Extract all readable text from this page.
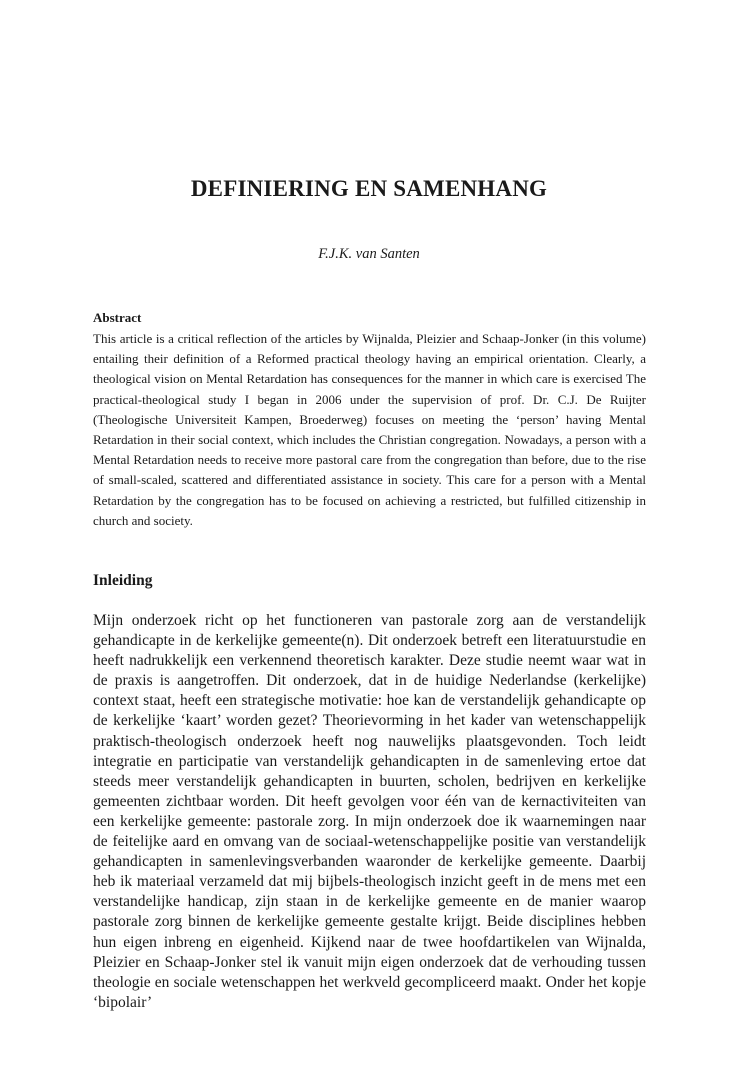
DEFINIERING EN SAMENHANG
F.J.K. van Santen
Abstract

This article is a critical reflection of the articles by Wijnalda, Pleizier and Schaap-Jonker (in this volume) entailing their definition of a Reformed practical theology having an empirical orientation. Clearly, a theological vision on Mental Retardation has consequences for the manner in which care is exercised The practical-theological study I began in 2006 under the supervision of prof. Dr. C.J. De Ruijter (Theologische Universiteit Kampen, Broederweg) focuses on meeting the ‘person’ having Mental Retardation in their social context, which includes the Christian congregation. Nowadays, a person with a Mental Retardation needs to receive more pastoral care from the congregation than before, due to the rise of small-scaled, scattered and differentiated assistance in society. This care for a person with a Mental Retardation by the congregation has to be focused on achieving a restricted, but fulfilled citizenship in church and society.

Inleiding

Mijn onderzoek richt op het functioneren van pastorale zorg aan de verstandelijk gehandicapte in de kerkelijke gemeente(n). Dit onderzoek betreft een literatuurstudie en heeft nadrukkelijk een verkennend theoretisch karakter. Deze studie neemt waar wat in de praxis is aangetroffen. Dit onderzoek, dat in de huidige Nederlandse (kerkelijke) context staat, heeft een strategische motivatie: hoe kan de verstandelijk gehandicapte op de kerkelijke ‘kaart’ worden gezet? Theorievorming in het kader van wetenschappelijk praktisch-theologisch onderzoek heeft nog nauwelijks plaatsgevonden. Toch leidt integratie en participatie van verstandelijk gehandicapten in de samenleving ertoe dat steeds meer verstandelijk gehandicapten in buurten, scholen, bedrijven en kerkelijke gemeenten zichtbaar worden. Dit heeft gevolgen voor één van de kernactiviteiten van een kerkelijke gemeente: pastorale zorg. In mijn onderzoek doe ik waarnemingen naar de feitelijke aard en omvang van de sociaal-wetenschappelijke positie van verstandelijk gehandicapten in samenlevingsverbanden waaronder de kerkelijke gemeente. Daarbij heb ik materiaal verzameld dat mij bijbels-theologisch inzicht geeft in de mens met een verstandelijke handicap, zijn staan in de kerkelijke gemeente en de manier waarop pastorale zorg binnen de kerkelijke gemeente gestalte krijgt. Beide disciplines hebben hun eigen inbreng en eigenheid. Kijkend naar de twee hoofdartikelen van Wijnalda, Pleizier en Schaap-Jonker stel ik vanuit mijn eigen onderzoek dat de verhouding tussen theologie en sociale wetenschappen het werkveld gecompliceerd maakt. Onder het kopje ‘bipolair’
